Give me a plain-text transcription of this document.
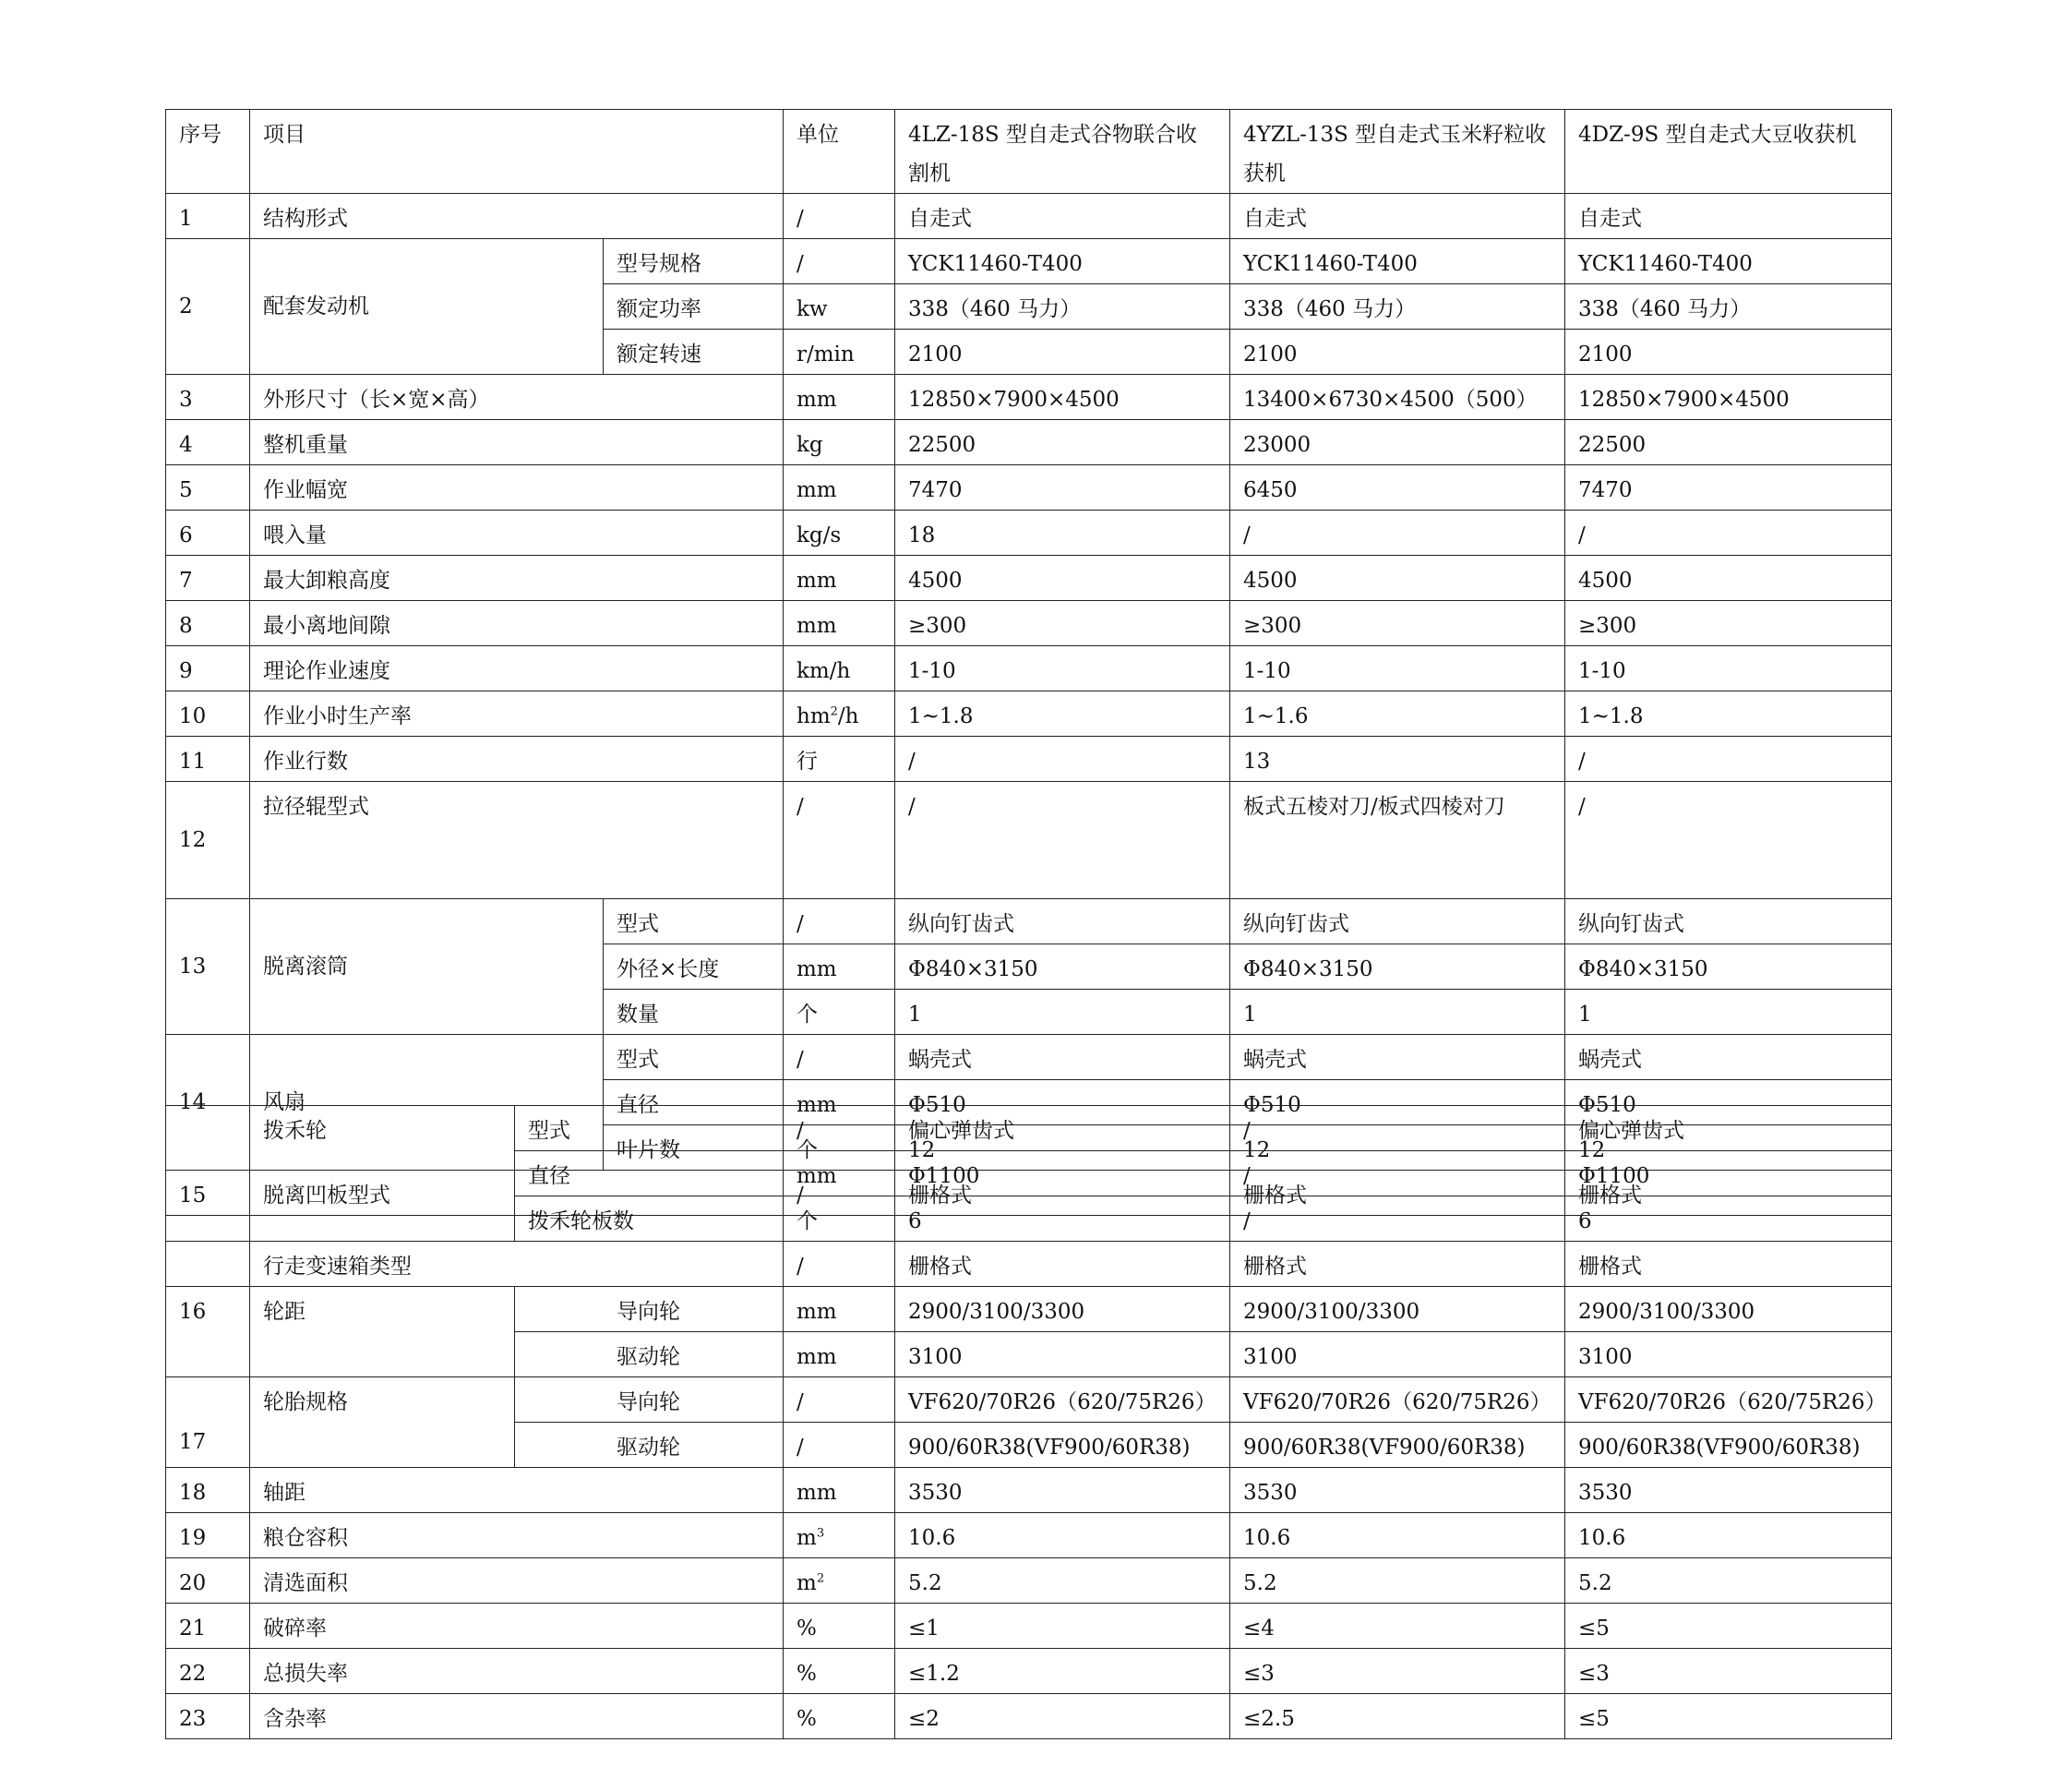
序号	项目		单位	4LZ-18S 型自走式谷物联合收割机	4YZL-13S 型自走式玉米籽粒收获机	4DZ-9S 型自走式大豆收获机
1	结构形式		/	自走式	自走式	自走式
2	配套发动机	型号规格	/	YCK11460-T400	YCK11460-T400	YCK11460-T400
		额定功率	kw	338（460 马力）	338（460 马力）	338（460 马力）
		额定转速	r/min	2100	2100	2100
3	外形尺寸（长×宽×高）		mm	12850×7900×4500	13400×6730×4500（500）	12850×7900×4500
4	整机重量		kg	22500	23000	22500
5	作业幅宽		mm	7470	6450	7470
6	喂入量		kg/s	18	/	/
7	最大卸粮高度		mm	4500	4500	4500
8	最小离地间隙		mm	≥300	≥300	≥300
9	理论作业速度		km/h	1-10	1-10	1-10
10	作业小时生产率		$hm^2/h$	1~1.8	1~1.6	1~1.8
11	作业行数		行	/	13	/
12	拉径辊型式		/	/	板式五棱对刀/板式四棱对刀	/
13	脱离滚筒	型式	/	纵向钉齿式	纵向钉齿式	纵向钉齿式
		外径×长度	mm	Φ840×3150	Φ840×3150	Φ840×3150
		数量	个	1	1	1
14	风扇	型式	/	蜗壳式	蜗壳式	蜗壳式
		直径	mm	Φ510	Φ510	Φ510
		叶片数	个	12	12	12
15	脱离凹板型式		/	栅格式	栅格式	栅格式
	拨禾轮	型式	/	偏心弹齿式	/	偏心弹齿式
		直径	mm	Φ1100	/	Φ1100
		拨禾轮板数	个	6	/	6
	行走变速箱类型		/	栅格式	栅格式	栅格式
16	轮距	导向轮	mm	2900/3100/3300	2900/3100/3300	2900/3100/3300
		驱动轮	mm	3100	3100	3100
17	轮胎规格	导向轮	/	VF620/70R26（620/75R26）	VF620/70R26（620/75R26）	VF620/70R26（620/75R26）
		驱动轮	/	900/60R38(VF900/60R38)	900/60R38(VF900/60R38)	900/60R38(VF900/60R38)
18	轴距		mm	3530	3530	3530
19	粮仓容积		$m^3$	10.6	10.6	10.6
20	清选面积		$m^2$	5.2	5.2	5.2
21	破碎率		%	≤1	≤4	≤5
22	总损失率		%	≤1.2	≤3	≤3
23	含杂率		%	≤2	≤2.5	≤5
